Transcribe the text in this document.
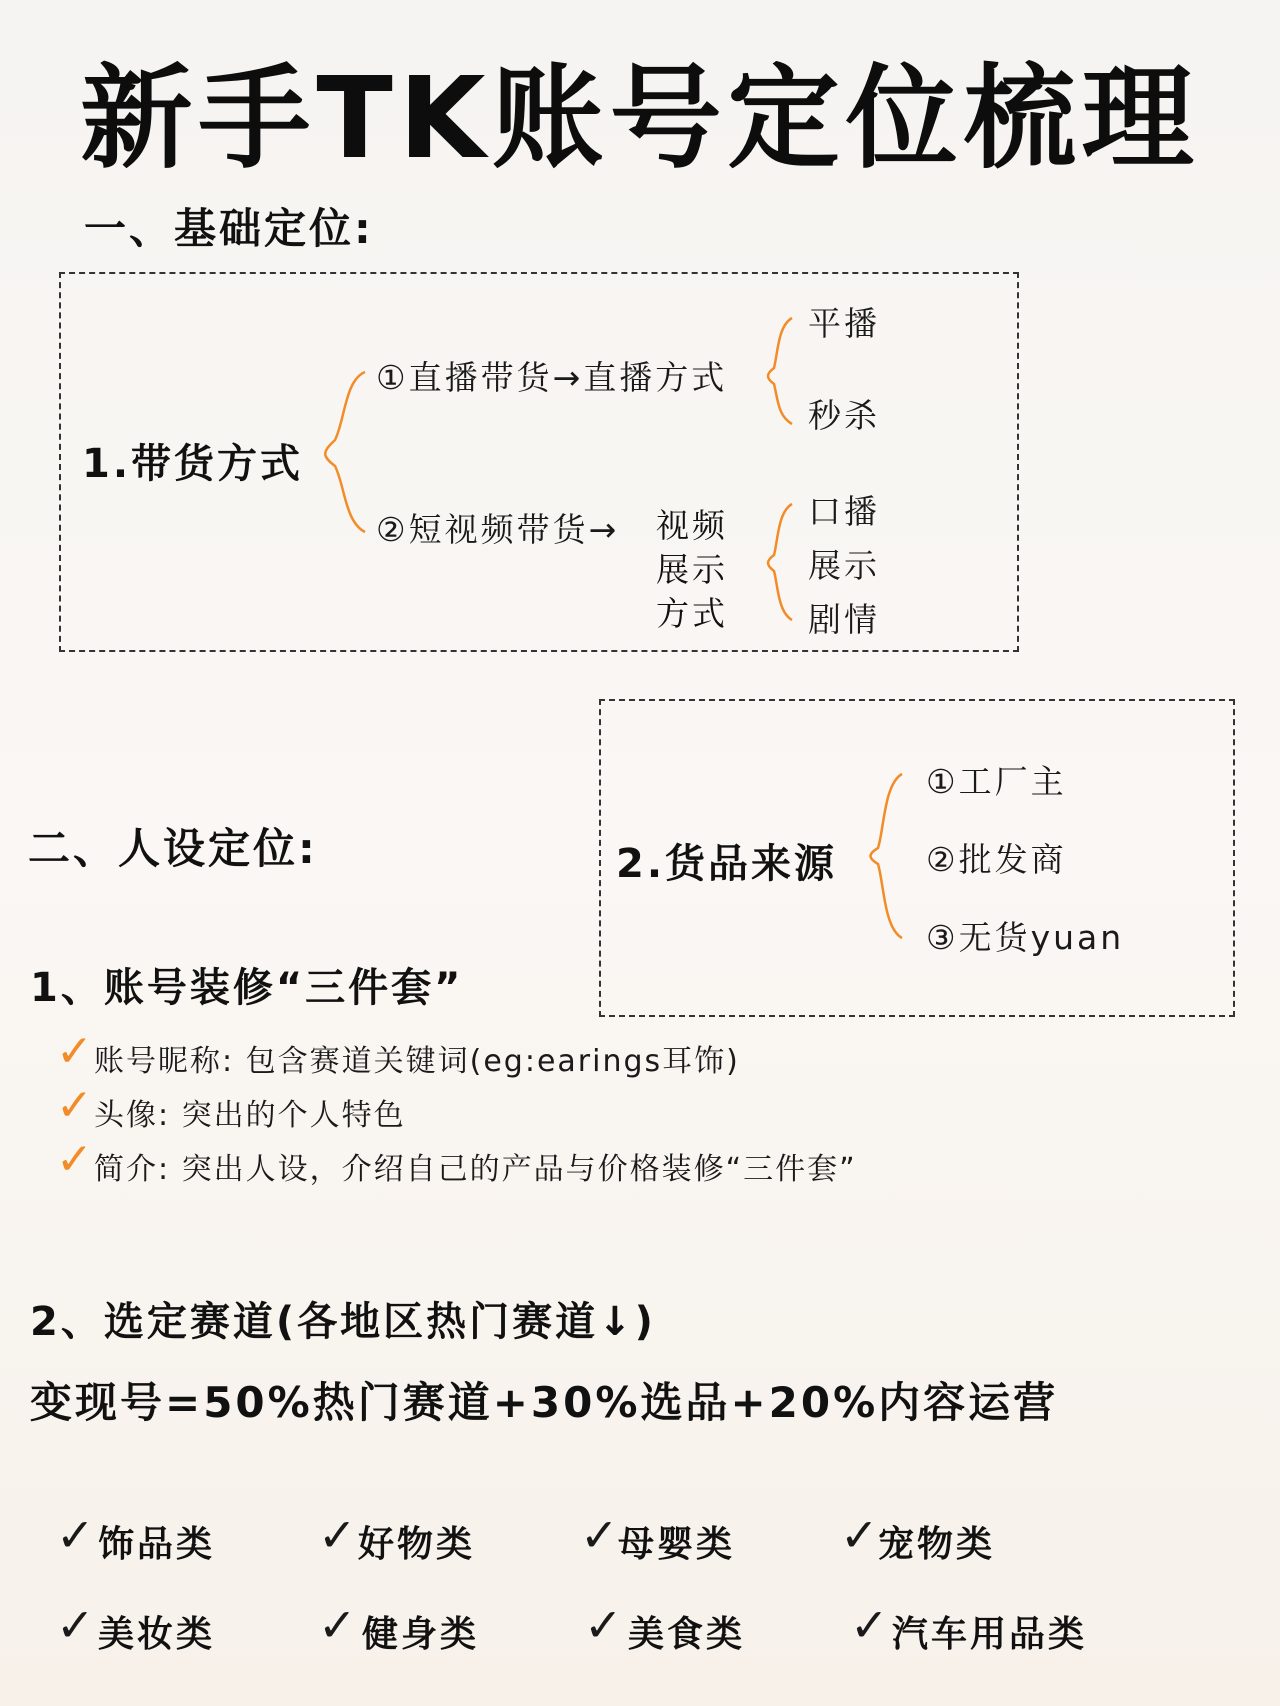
新手TK账号定位梳理
一、基础定位:
1.带货方式
①直播带货→直播方式
平播
秒杀
②短视频带货→ 视频
展示
方式
口播
展示
剧情
2.货品来源
①工厂主
②批发商
③无货yuan
二、人设定位:
1、账号装修“三件套”
✓ 账号昵称: 包含赛道关键词(eg:earings耳饰)
✓ 头像: 突出的个人特色
✓ 简介: 突出人设，介绍自己的产品与价格装修“三件套”
2、选定赛道(各地区热门赛道↓)
变现号=50%热门赛道+30%选品+20%内容运营
✓ 饰品类 ✓ 好物类 ✓ 母婴类 ✓ 宠物类
✓ 美妆类 ✓ 健身类 ✓ 美食类 ✓ 汽车用品类
